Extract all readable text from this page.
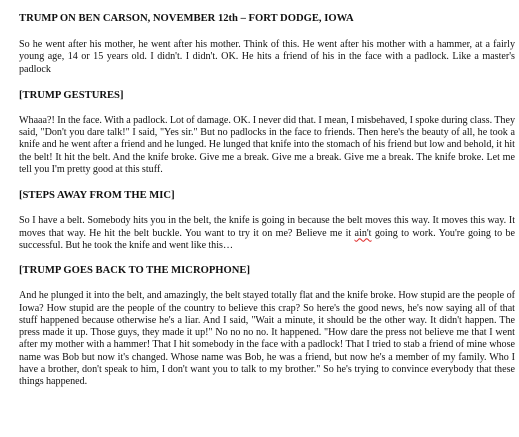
TRUMP ON BEN CARSON, NOVEMBER 12th – FORT DODGE, IOWA

So he went after his mother, he went after his mother. Think of this. He went after his mother with a hammer, at a fairly young age, 14 or 15 years old. I didn't. I didn't. OK. He hits a friend of his in the face with a padlock. Like a master's padlock

[TRUMP GESTURES]

Whaaa?! In the face. With a padlock. Lot of damage. OK. I never did that. I mean, I misbehaved, I spoke during class. They said, "Don't you dare talk!" I said, "Yes sir." But no padlocks in the face to friends. Then here's the beauty of all, he took a knife and he went after a friend and he lunged. He lunged that knife into the stomach of his friend but low and behold, it hit the belt! It hit the belt. And the knife broke. Give me a break. Give me a break. Give me a break. The knife broke. Let me tell you I'm pretty good at this stuff.

[STEPS AWAY FROM THE MIC]

So I have a belt. Somebody hits you in the belt, the knife is going in because the belt moves this way. It moves this way. It moves that way. He hit the belt buckle. You want to try it on me? Believe me it ain't going to work. You're going to be successful. But he took the knife and went like this…

[TRUMP GOES BACK TO THE MICROPHONE]

And he plunged it into the belt, and amazingly, the belt stayed totally flat and the knife broke. How stupid are the people of Iowa? How stupid are the people of the country to believe this crap? So here's the good news, he's now saying all of that stuff happened because otherwise he's a liar. And I said, "Wait a minute, it should be the other way. It didn't happen. The press made it up. Those guys, they made it up!" No no no no. It happened. "How dare the press not believe me that I went after my mother with a hammer! That I hit somebody in the face with a padlock! That I tried to stab a friend of mine whose name was Bob but now it's changed. Whose name was Bob, he was a friend, but now he's a member of my family. Who I have a brother, don't speak to him, I don't want you to talk to my brother." So he's trying to convince everybody that these things happened.
